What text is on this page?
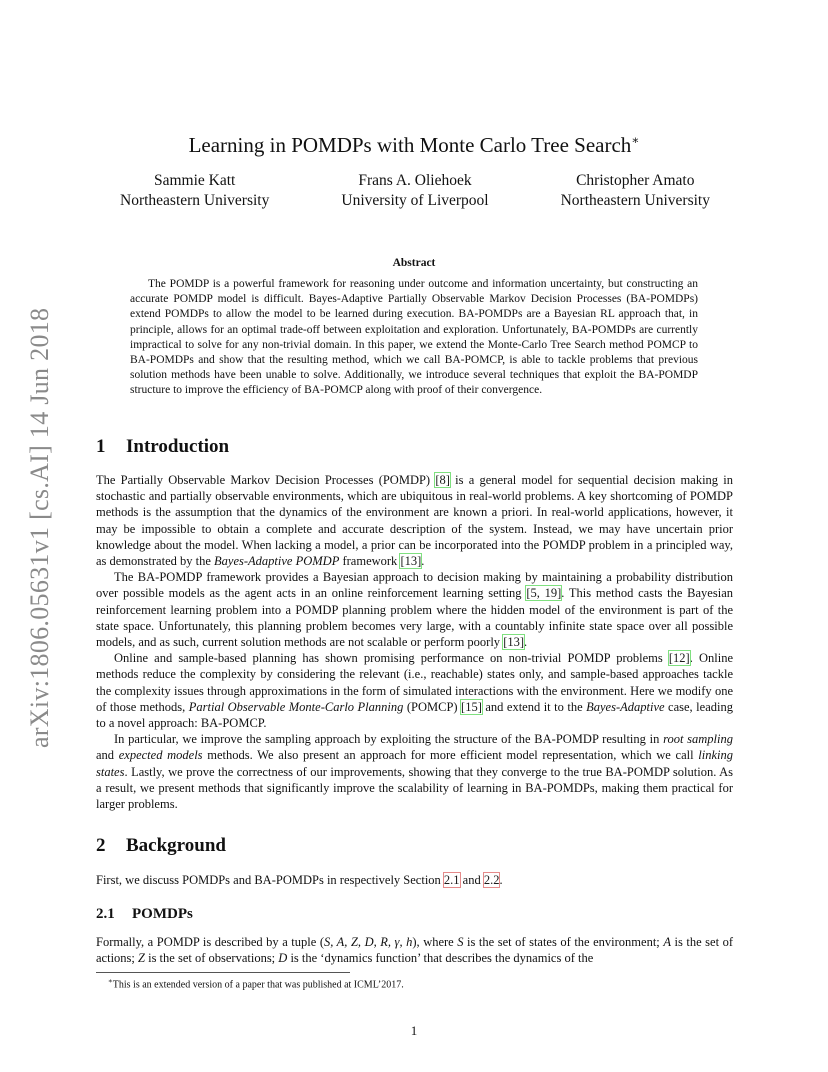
arXiv:1806.05631v1 [cs.AI] 14 Jun 2018
Learning in POMDPs with Monte Carlo Tree Search∗
Sammie Katt
Northeastern University
Frans A. Oliehoek
University of Liverpool
Christopher Amato
Northeastern University
Abstract

The POMDP is a powerful framework for reasoning under outcome and information uncertainty, but constructing an accurate POMDP model is difficult. Bayes-Adaptive Partially Observable Markov Decision Processes (BA-POMDPs) extend POMDPs to allow the model to be learned during execution. BA-POMDPs are a Bayesian RL approach that, in principle, allows for an optimal trade-off between exploitation and exploration. Unfortunately, BA-POMDPs are currently impractical to solve for any non-trivial domain. In this paper, we extend the Monte-Carlo Tree Search method POMCP to BA-POMDPs and show that the resulting method, which we call BA-POMCP, is able to tackle problems that previous solution methods have been unable to solve. Additionally, we introduce several techniques that exploit the BA-POMDP structure to improve the efficiency of BA-POMCP along with proof of their convergence.

1 Introduction

The Partially Observable Markov Decision Processes (POMDP) [8] is a general model for sequential decision making in stochastic and partially observable environments, which are ubiquitous in real-world problems. A key shortcoming of POMDP methods is the assumption that the dynamics of the environment are known a priori. In real-world applications, however, it may be impossible to obtain a complete and accurate description of the system. Instead, we may have uncertain prior knowledge about the model. When lacking a model, a prior can be incorporated into the POMDP problem in a principled way, as demonstrated by the Bayes-Adaptive POMDP framework [13].

The BA-POMDP framework provides a Bayesian approach to decision making by maintaining a probability distribution over possible models as the agent acts in an online reinforcement learning setting [5, 19]. This method casts the Bayesian reinforcement learning problem into a POMDP planning problem where the hidden model of the environment is part of the state space. Unfortunately, this planning problem becomes very large, with a countably infinite state space over all possible models, and as such, current solution methods are not scalable or perform poorly [13].

Online and sample-based planning has shown promising performance on non-trivial POMDP problems [12]. Online methods reduce the complexity by considering the relevant (i.e., reachable) states only, and sample-based approaches tackle the complexity issues through approximations in the form of simulated interactions with the environment. Here we modify one of those methods, Partial Observable Monte-Carlo Planning (POMCP) [15] and extend it to the Bayes-Adaptive case, leading to a novel approach: BA-POMCP.

In particular, we improve the sampling approach by exploiting the structure of the BA-POMDP resulting in root sampling and expected models methods. We also present an approach for more efficient model representation, which we call linking states. Lastly, we prove the correctness of our improvements, showing that they converge to the true BA-POMDP solution. As a result, we present methods that significantly improve the scalability of learning in BA-POMDPs, making them practical for larger problems.

2 Background

First, we discuss POMDPs and BA-POMDPs in respectively Section 2.1 and 2.2.

2.1 POMDPs

Formally, a POMDP is described by a tuple (S, A, Z, D, R, γ, h), where S is the set of states of the environment; A is the set of actions; Z is the set of observations; D is the ‘dynamics function’ that describes the dynamics of the

∗This is an extended version of a paper that was published at ICML’2017.
1
